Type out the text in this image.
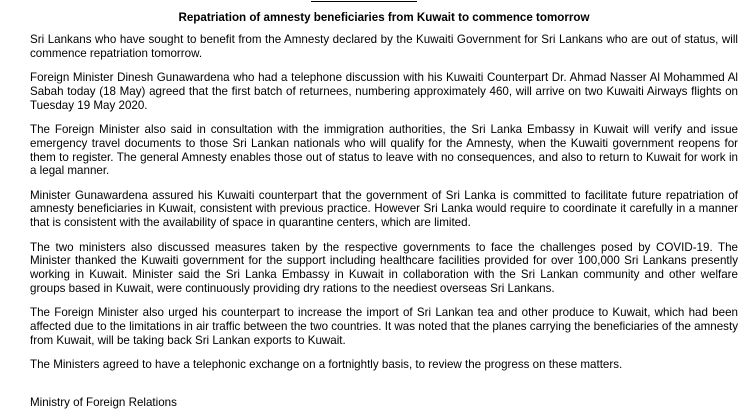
Repatriation of amnesty beneficiaries from Kuwait to commence tomorrow

Sri Lankans who have sought to benefit from the Amnesty declared by the Kuwaiti Government for Sri Lankans who are out of status, will commence repatriation tomorrow.

Foreign Minister Dinesh Gunawardena who had a telephone discussion with his Kuwaiti Counterpart Dr. Ahmad Nasser Al Mohammed Al Sabah today (18 May) agreed that the first batch of returnees, numbering approximately 460, will arrive on two Kuwaiti Airways flights on Tuesday 19 May 2020.

The Foreign Minister also said in consultation with the immigration authorities, the Sri Lanka Embassy in Kuwait will verify and issue emergency travel documents to those Sri Lankan nationals who will qualify for the Amnesty, when the Kuwaiti government reopens for them to register. The general Amnesty enables those out of status to leave with no consequences, and also to return to Kuwait for work in a legal manner.

Minister Gunawardena assured his Kuwaiti counterpart that the government of Sri Lanka is committed to facilitate future repatriation of amnesty beneficiaries in Kuwait, consistent with previous practice. However Sri Lanka would require to coordinate it carefully in a manner that is consistent with the availability of space in quarantine centers, which are limited.

The two ministers also discussed measures taken by the respective governments to face the challenges posed by COVID-19. The Minister thanked the Kuwaiti government for the support including healthcare facilities provided for over 100,000 Sri Lankans presently working in Kuwait. Minister said the Sri Lanka Embassy in Kuwait in collaboration with the Sri Lankan community and other welfare groups based in Kuwait, were continuously providing dry rations to the neediest overseas Sri Lankans.

The Foreign Minister also urged his counterpart to increase the import of Sri Lankan tea and other produce to Kuwait, which had been affected due to the limitations in air traffic between the two countries. It was noted that the planes carrying the beneficiaries of the amnesty from Kuwait, will be taking back Sri Lankan exports to Kuwait.

The Ministers agreed to have a telephonic exchange on a fortnightly basis, to review the progress on these matters.

Ministry of Foreign Relations
